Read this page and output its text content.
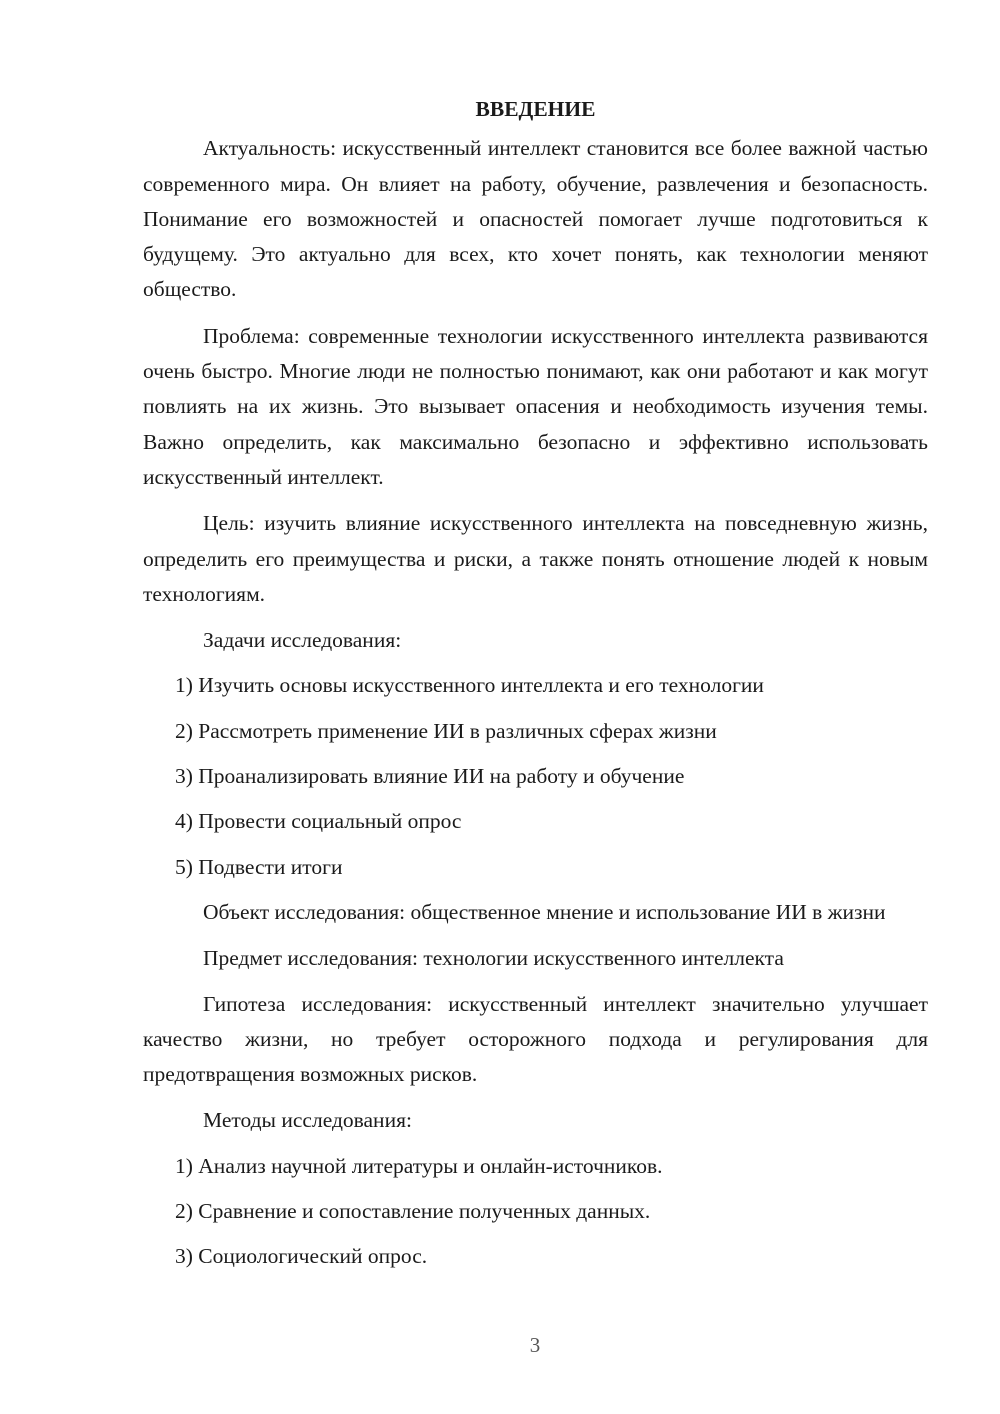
ВВЕДЕНИЕ

Актуальность: искусственный интеллект становится все более важной частью современного мира. Он влияет на работу, обучение, развлечения и безопасность. Понимание его возможностей и опасностей помогает лучше подготовиться к будущему. Это актуально для всех, кто хочет понять, как технологии меняют общество.

Проблема: современные технологии искусственного интеллекта развиваются очень быстро. Многие люди не полностью понимают, как они работают и как могут повлиять на их жизнь. Это вызывает опасения и необходимость изучения темы. Важно определить, как максимально безопасно и эффективно использовать искусственный интеллект.

Цель: изучить влияние искусственного интеллекта на повседневную жизнь, определить его преимущества и риски, а также понять отношение людей к новым технологиям.

Задачи исследования:

1) Изучить основы искусственного интеллекта и его технологии

2) Рассмотреть применение ИИ в различных сферах жизни

3) Проанализировать влияние ИИ на работу и обучение

4) Провести социальный опрос

5) Подвести итоги

Объект исследования: общественное мнение и использование ИИ в жизни

Предмет исследования: технологии искусственного интеллекта

Гипотеза исследования: искусственный интеллект значительно улучшает качество жизни, но требует осторожного подхода и регулирования для предотвращения возможных рисков.

Методы исследования:

1) Анализ научной литературы и онлайн-источников.

2) Сравнение и сопоставление полученных данных.

3) Социологический опрос.

3
